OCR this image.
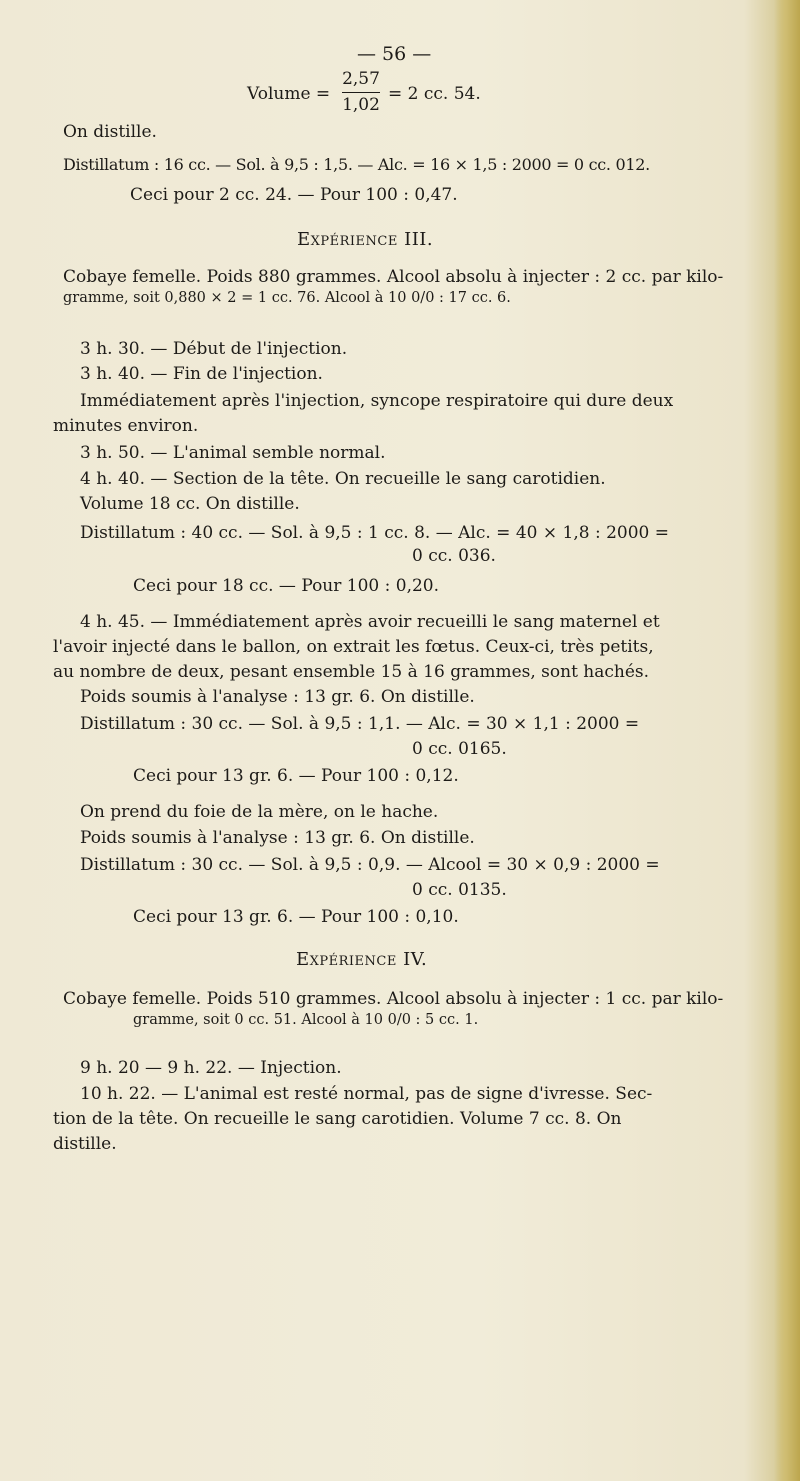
— 56 —
Volume =
2,57
1,02
= 2 cc. 54.
On distille.
Distillatum : 16 cc. — Sol. à 9,5 : 1,5. — Alc. = 16 × 1,5 : 2000 = 0 cc. 012.
Ceci pour 2 cc. 24. — Pour 100 : 0,47.
Expérience III.
Cobaye femelle. Poids 880 grammes. Alcool absolu à injecter : 2 cc. par kilo-
gramme, soit 0,880 × 2 = 1 cc. 76. Alcool à 10 0/0 : 17 cc. 6.
3 h. 30. — Début de l'injection.
3 h. 40. — Fin de l'injection.
Immédiatement après l'injection, syncope respiratoire qui dure deux
minutes environ.
3 h. 50. — L'animal semble normal.
4 h. 40. — Section de la tête. On recueille le sang carotidien.
Volume 18 cc. On distille.
Distillatum : 40 cc. — Sol. à 9,5 : 1 cc. 8. — Alc. = 40 × 1,8 : 2000 =
0 cc. 036.
Ceci pour 18 cc. — Pour 100 : 0,20.
4 h. 45. — Immédiatement après avoir recueilli le sang maternel et
l'avoir injecté dans le ballon, on extrait les fœtus. Ceux-ci, très petits,
au nombre de deux, pesant ensemble 15 à 16 grammes, sont hachés.
Poids soumis à l'analyse : 13 gr. 6. On distille.
Distillatum : 30 cc. — Sol. à 9,5 : 1,1. — Alc. = 30 × 1,1 : 2000 =
0 cc. 0165.
Ceci pour 13 gr. 6. — Pour 100 : 0,12.
On prend du foie de la mère, on le hache.
Poids soumis à l'analyse : 13 gr. 6. On distille.
Distillatum : 30 cc. — Sol. à 9,5 : 0,9. — Alcool = 30 × 0,9 : 2000 =
0 cc. 0135.
Ceci pour 13 gr. 6. — Pour 100 : 0,10.
Expérience IV.
Cobaye femelle. Poids 510 grammes. Alcool absolu à injecter : 1 cc. par kilo-
gramme, soit 0 cc. 51. Alcool à 10 0/0 : 5 cc. 1.
9 h. 20 — 9 h. 22. — Injection.
10 h. 22. — L'animal est resté normal, pas de signe d'ivresse. Sec-
tion de la tête. On recueille le sang carotidien. Volume 7 cc. 8. On
distille.
